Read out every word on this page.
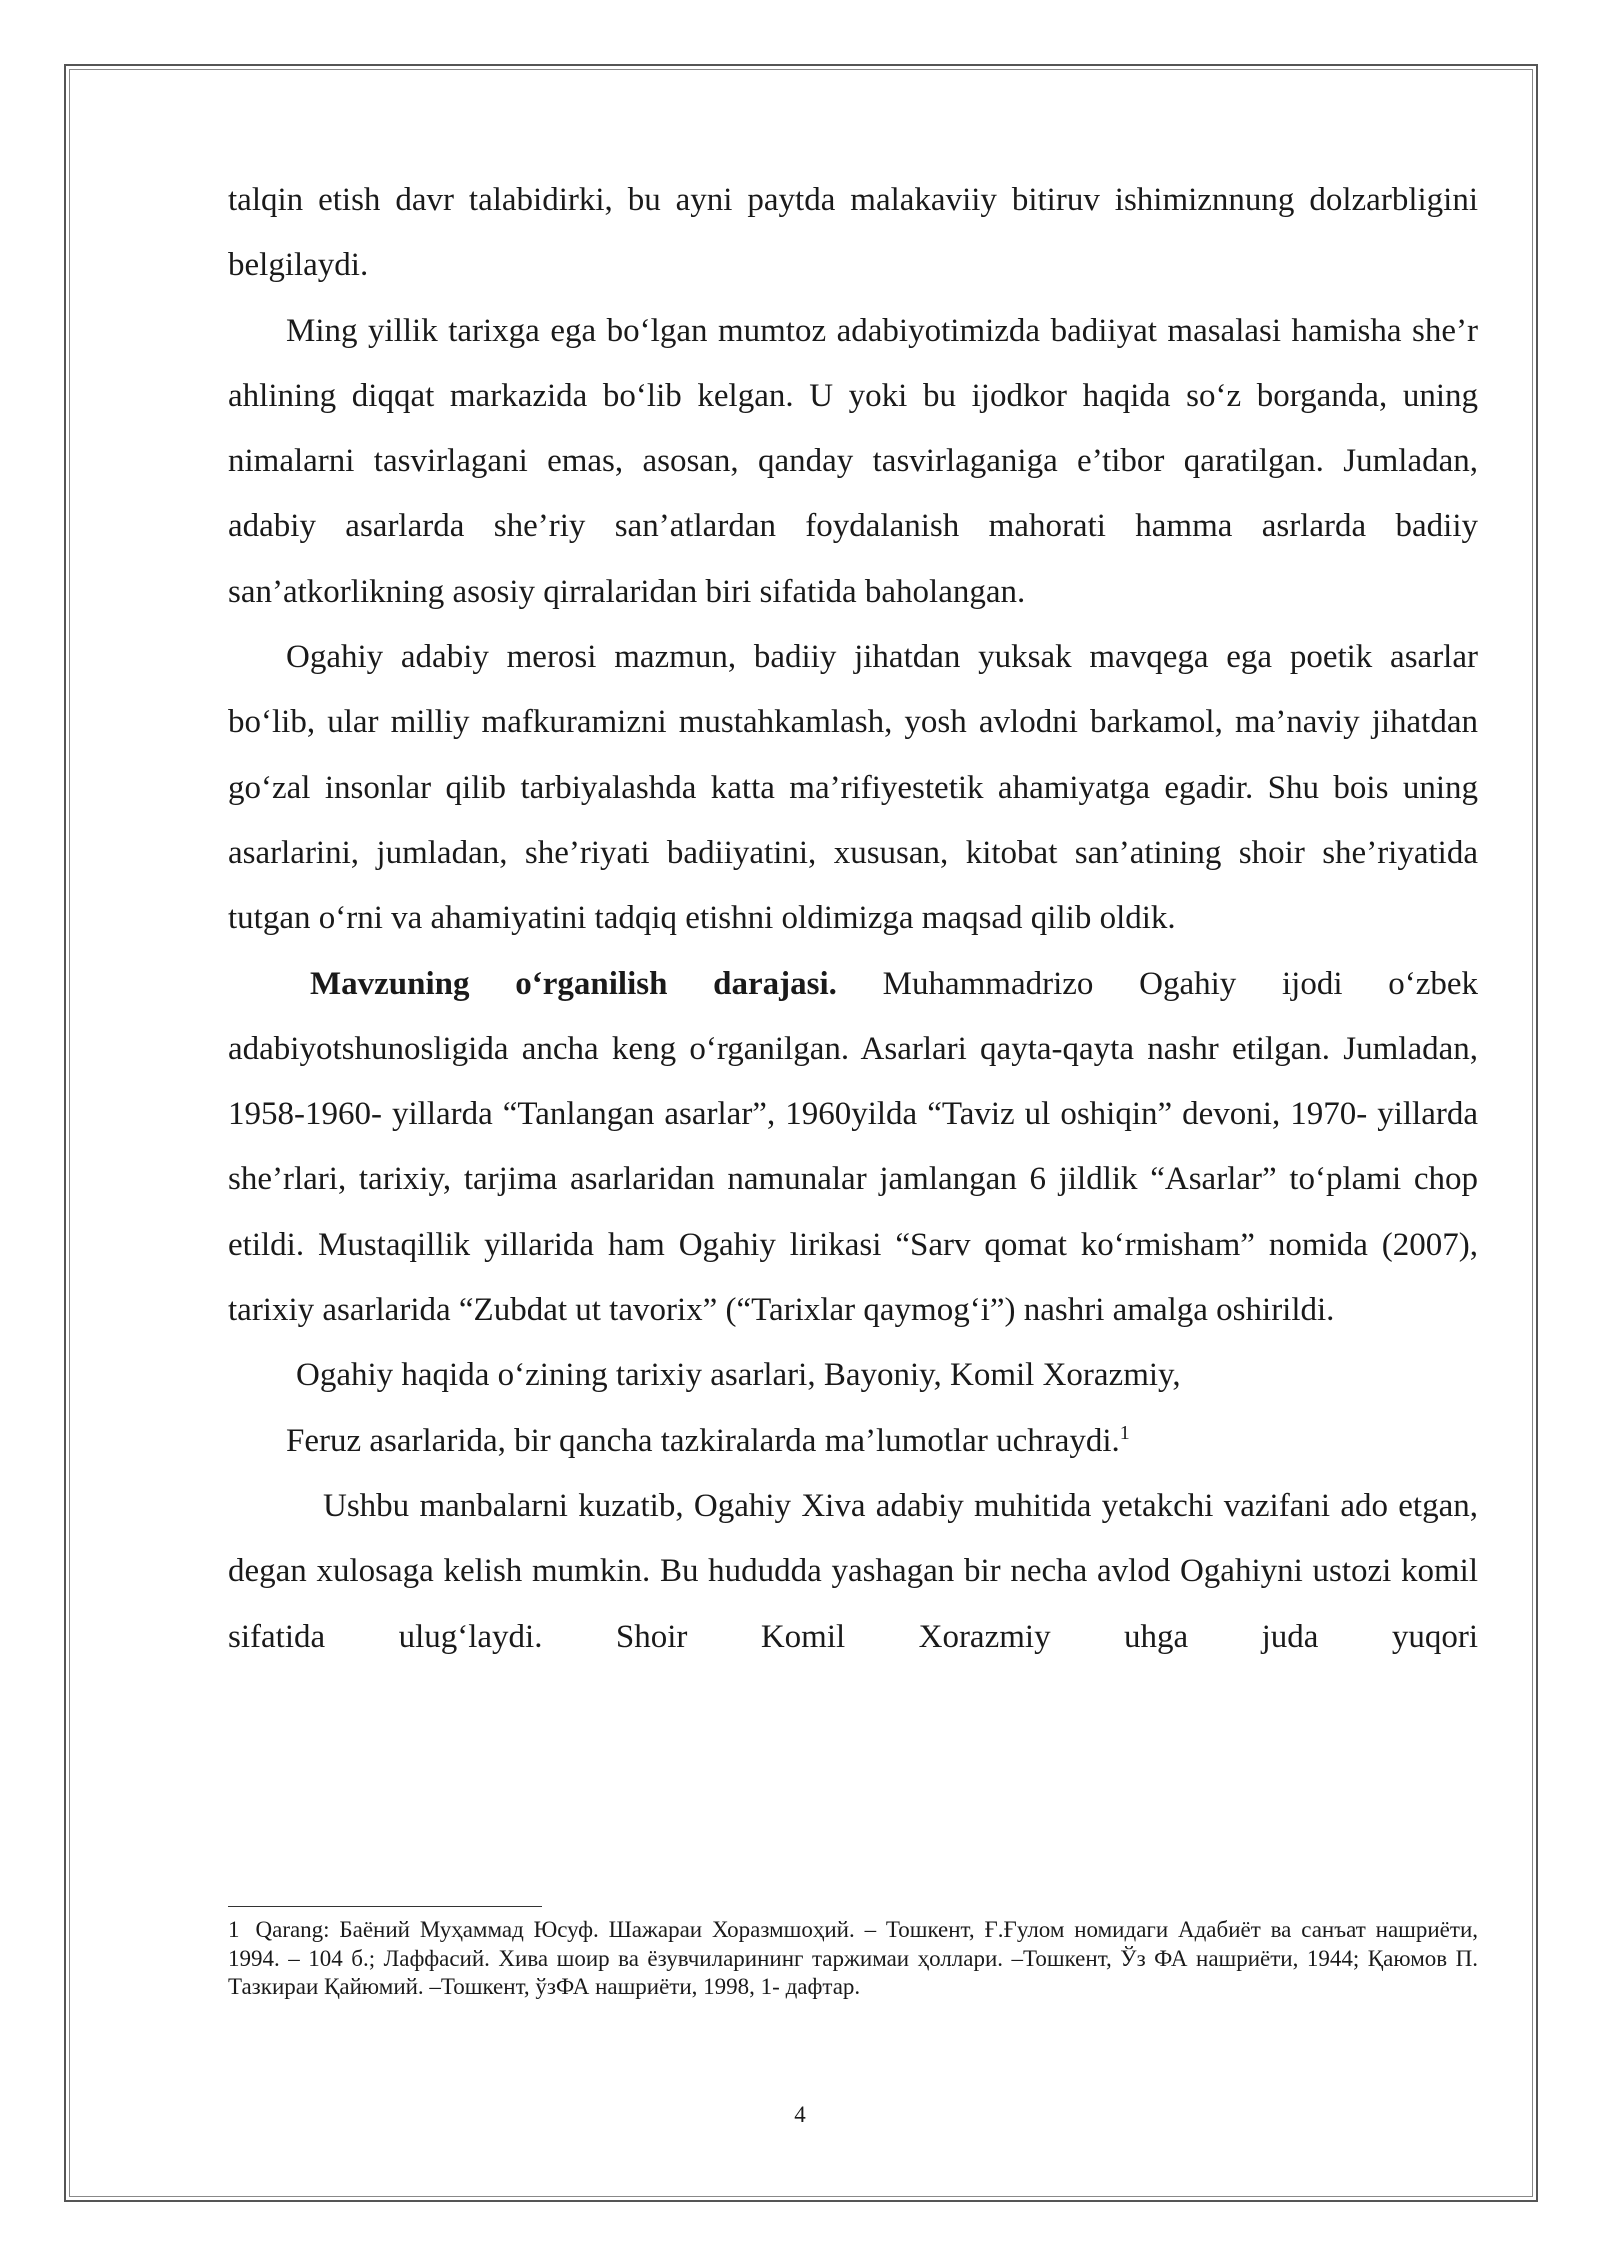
talqin etish davr talabidirki, bu ayni paytda malakaviiy bitiruv ishimiznnung dolzarbligini belgilaydi.

Ming yillik tarixga ega bo‘lgan mumtoz adabiyotimizda badiiyat masalasi hamisha she’r ahlining diqqat markazida bo‘lib kelgan. U yoki bu ijodkor haqida so‘z borganda, uning nimalarni tasvirlagani emas, asosan, qanday tasvirlaganiga e’tibor qaratilgan. Jumladan, adabiy asarlarda she’riy san’atlardan foydalanish mahorati hamma asrlarda badiiy san’atkorlikning asosiy qirralaridan biri sifatida baholangan.

Ogahiy adabiy merosi mazmun, badiiy jihatdan yuksak mavqega ega poetik asarlar bo‘lib, ular milliy mafkuramizni mustahkamlash, yosh avlodni barkamol, ma’naviy jihatdan go‘zal insonlar qilib tarbiyalashda katta ma’rifiyestetik ahamiyatga egadir. Shu bois uning asarlarini, jumladan, she’riyati badiiyatini, xususan, kitobat san’atining shoir she’riyatida tutgan o‘rni va ahamiyatini tadqiq etishni oldimizga maqsad qilib oldik.

Mavzuning o‘rganilish darajasi. Muhammadrizo Ogahiy ijodi o‘zbek adabiyotshunosligida ancha keng o‘rganilgan. Asarlari qayta-qayta nashr etilgan. Jumladan, 1958-1960- yillarda “Tanlangan asarlar”, 1960yilda “Taviz ul oshiqin” devoni, 1970- yillarda she’rlari, tarixiy, tarjima asarlaridan namunalar jamlangan 6 jildlik “Asarlar” to‘plami chop etildi. Mustaqillik yillarida ham Ogahiy lirikasi “Sarv qomat ko‘rmisham” nomida (2007), tarixiy asarlarida “Zubdat ut tavorix” (“Tarixlar qaymog‘i”) nashri amalga oshirildi.

Ogahiy haqida o‘zining tarixiy asarlari, Bayoniy, Komil Xorazmiy,

Feruz asarlarida, bir qancha tazkiralarda ma’lumotlar uchraydi.$^1$

Ushbu manbalarni kuzatib, Ogahiy Xiva adabiy muhitida yetakchi vazifani ado etgan, degan xulosaga kelish mumkin. Bu hududda yashagan bir necha avlod Ogahiyni ustozi komil sifatida ulug‘laydi. Shoir Komil Xorazmiy uhga juda yuqori

1 Qarang: Баёний Муҳаммад Юсуф. Шажараи Хоразмшоҳий. – Тошкент, Ғ.Ғулом номидаги Адабиёт ва санъат нашриёти, 1994. – 104 б.; Лаффасий. Хива шоир ва ёзувчиларининг таржимаи ҳоллари. –Тошкент, Ўз ФА нашриёти, 1944; Қаюмов П. Тазкираи Қайюмий. –Тошкент, ўзФА нашриёти, 1998, 1- дафтар.

4
